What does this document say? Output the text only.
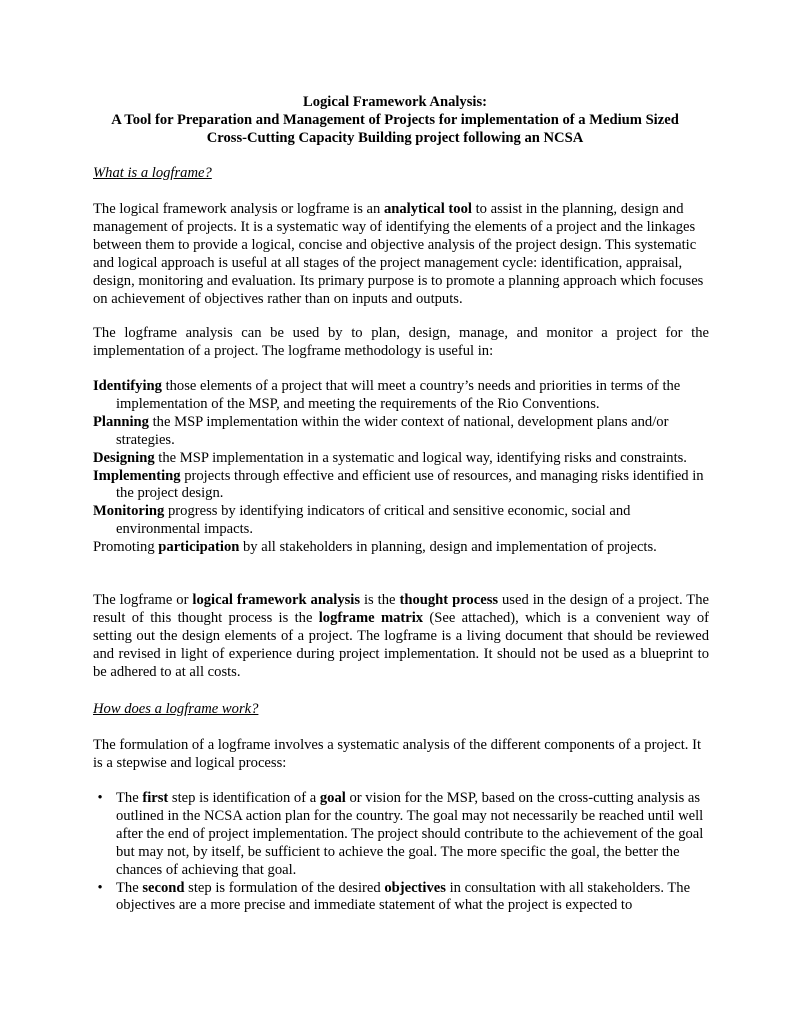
Logical Framework Analysis:
A Tool for Preparation and Management of Projects for implementation of a Medium Sized
Cross-Cutting Capacity Building project following an NCSA

What is a logframe?

The logical framework analysis or logframe is an analytical tool to assist in the planning, design and management of projects. It is a systematic way of identifying the elements of a project and the linkages between them to provide a logical, concise and objective analysis of the project design. This systematic and logical approach is useful at all stages of the project management cycle: identification, appraisal, design, monitoring and evaluation. Its primary purpose is to promote a planning approach which focuses on achievement of objectives rather than on inputs and outputs.

The logframe analysis can be used by to plan, design, manage, and monitor a project for the implementation of a project. The logframe methodology is useful in:

Identifying those elements of a project that will meet a country’s needs and priorities in terms of the implementation of the MSP, and meeting the requirements of the Rio Conventions.

Planning the MSP implementation within the wider context of national, development plans and/or strategies.

Designing the MSP implementation in a systematic and logical way, identifying risks and constraints.

Implementing projects through effective and efficient use of resources, and managing risks identified in the project design.

Monitoring progress by identifying indicators of critical and sensitive economic, social and environmental impacts.

Promoting participation by all stakeholders in planning, design and implementation of projects.

The logframe or logical framework analysis is the thought process used in the design of a project. The result of this thought process is the logframe matrix (See attached), which is a convenient way of setting out the design elements of a project. The logframe is a living document that should be reviewed and revised in light of experience during project implementation. It should not be used as a blueprint to be adhered to at all costs.

How does a logframe work?

The formulation of a logframe involves a systematic analysis of the different components of a project. It is a stepwise and logical process:

• The first step is identification of a goal or vision for the MSP, based on the cross-cutting analysis as outlined in the NCSA action plan for the country. The goal may not necessarily be reached until well after the end of project implementation. The project should contribute to the achievement of the goal but may not, by itself, be sufficient to achieve the goal. The more specific the goal, the better the chances of achieving that goal.
• The second step is formulation of the desired objectives in consultation with all stakeholders. The objectives are a more precise and immediate statement of what the project is expected to
